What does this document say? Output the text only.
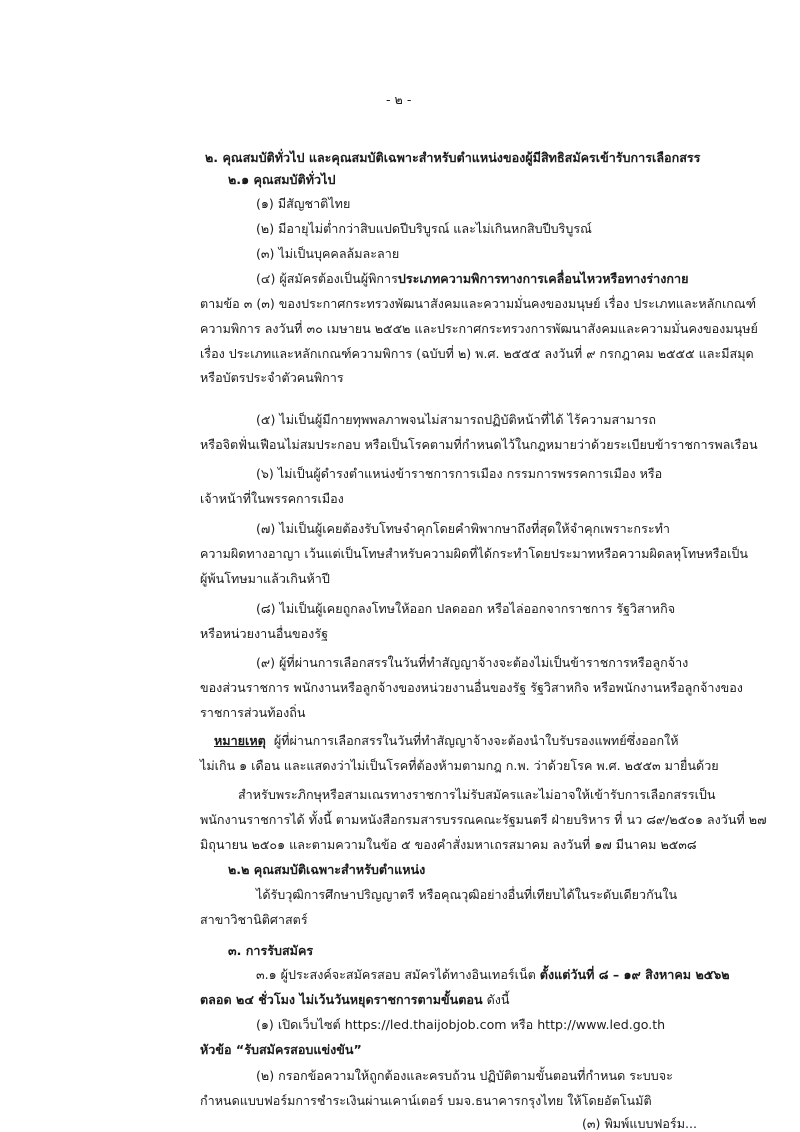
- ๒ -
๒. คุณสมบัติทั่วไป และคุณสมบัติเฉพาะสำหรับตำแหน่งของผู้มีสิทธิสมัครเข้ารับการเลือกสรร
๒.๑ คุณสมบัติทั่วไป
(๑) มีสัญชาติไทย
(๒) มีอายุไม่ต่ำกว่าสิบแปดปีบริบูรณ์ และไม่เกินหกสิบปีบริบูรณ์
(๓) ไม่เป็นบุคคลล้มละลาย
(๔) ผู้สมัครต้องเป็นผู้พิการประเภทความพิการทางการเคลื่อนไหวหรือทางร่างกาย
ตามข้อ ๓ (๓) ของประกาศกระทรวงพัฒนาสังคมและความมั่นคงของมนุษย์ เรื่อง ประเภทและหลักเกณฑ์
ความพิการ ลงวันที่ ๓๐ เมษายน ๒๕๕๒ และประกาศกระทรวงการพัฒนาสังคมและความมั่นคงของมนุษย์
เรื่อง ประเภทและหลักเกณฑ์ความพิการ (ฉบับที่ ๒) พ.ศ. ๒๕๕๕ ลงวันที่ ๙ กรกฎาคม ๒๕๕๕ และมีสมุด
หรือบัตรประจำตัวคนพิการ
(๕) ไม่เป็นผู้มีกายทุพพลภาพจนไม่สามารถปฏิบัติหน้าที่ได้ ไร้ความสามารถ
หรือจิตฟั่นเฟือนไม่สมประกอบ หรือเป็นโรคตามที่กำหนดไว้ในกฎหมายว่าด้วยระเบียบข้าราชการพลเรือน
(๖) ไม่เป็นผู้ดำรงตำแหน่งข้าราชการการเมือง กรรมการพรรคการเมือง หรือ
เจ้าหน้าที่ในพรรคการเมือง
(๗) ไม่เป็นผู้เคยต้องรับโทษจำคุกโดยคำพิพากษาถึงที่สุดให้จำคุกเพราะกระทำ
ความผิดทางอาญา เว้นแต่เป็นโทษสำหรับความผิดที่ได้กระทำโดยประมาทหรือความผิดลหุโทษหรือเป็น
ผู้พ้นโทษมาแล้วเกินห้าปี
(๘) ไม่เป็นผู้เคยถูกลงโทษให้ออก ปลดออก หรือไล่ออกจากราชการ รัฐวิสาหกิจ
หรือหน่วยงานอื่นของรัฐ
(๙) ผู้ที่ผ่านการเลือกสรรในวันที่ทำสัญญาจ้างจะต้องไม่เป็นข้าราชการหรือลูกจ้าง
ของส่วนราชการ พนักงานหรือลูกจ้างของหน่วยงานอื่นของรัฐ รัฐวิสาหกิจ หรือพนักงานหรือลูกจ้างของ
ราชการส่วนท้องถิ่น
หมายเหตุ ผู้ที่ผ่านการเลือกสรรในวันที่ทำสัญญาจ้างจะต้องนำใบรับรองแพทย์ซึ่งออกให้
ไม่เกิน ๑ เดือน และแสดงว่าไม่เป็นโรคที่ต้องห้ามตามกฎ ก.พ. ว่าด้วยโรค พ.ศ. ๒๕๕๓ มายื่นด้วย
สำหรับพระภิกษุหรือสามเณรทางราชการไม่รับสมัครและไม่อาจให้เข้ารับการเลือกสรรเป็น
พนักงานราชการได้ ทั้งนี้ ตามหนังสือกรมสารบรรณคณะรัฐมนตรี ฝ่ายบริหาร ที่ นว ๘๙/๒๕๐๑ ลงวันที่ ๒๗
มิถุนายน ๒๕๐๑ และตามความในข้อ ๕ ของคำสั่งมหาเถรสมาคม ลงวันที่ ๑๗ มีนาคม ๒๕๓๘
๒.๒ คุณสมบัติเฉพาะสำหรับตำแหน่ง
ได้รับวุฒิการศึกษาปริญญาตรี หรือคุณวุฒิอย่างอื่นที่เทียบได้ในระดับเดียวกันใน
สาขาวิชานิติศาสตร์
๓. การรับสมัคร
๓.๑ ผู้ประสงค์จะสมัครสอบ สมัครได้ทางอินเทอร์เน็ต ตั้งแต่วันที่ ๘ – ๑๙ สิงหาคม ๒๕๖๒
ตลอด ๒๔ ชั่วโมง ไม่เว้นวันหยุดราชการตามขั้นตอน ดังนี้
(๑) เปิดเว็บไซต์ https://led.thaijobjob.com หรือ http://www.led.go.th
หัวข้อ “รับสมัครสอบแข่งขัน”
(๒) กรอกข้อความให้ถูกต้องและครบถ้วน ปฏิบัติตามขั้นตอนที่กำหนด ระบบจะ
กำหนดแบบฟอร์มการชำระเงินผ่านเคาน์เตอร์ บมจ.ธนาคารกรุงไทย ให้โดยอัตโนมัติ
(๓) พิมพ์แบบฟอร์ม...
